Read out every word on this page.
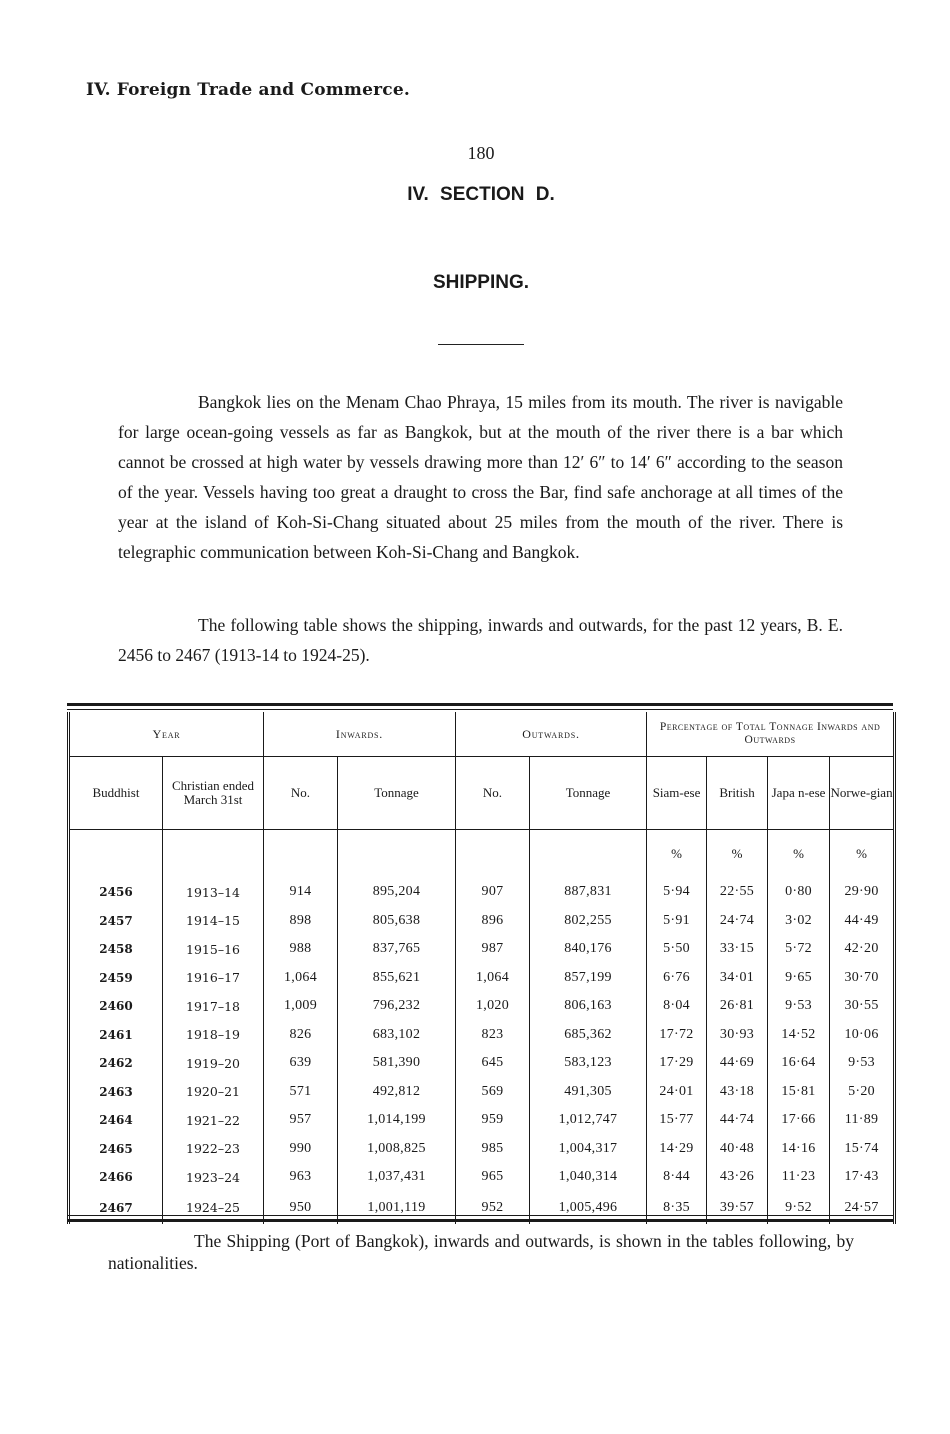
IV. Foreign Trade and Commerce.
180
IV. SECTION D.
SHIPPING.

Bangkok lies on the Menam Chao Phraya, 15 miles from its mouth. The river is navigable for large ocean-going vessels as far as Bangkok, but at the mouth of the river there is a bar which cannot be crossed at high water by vessels drawing more than 12′ 6″ to 14′ 6″ according to the season of the year. Vessels having too great a draught to cross the Bar, find safe anchorage at all times of the year at the island of Koh-Si-Chang situated about 25 miles from the mouth of the river. There is telegraphic communication between Koh-Si-Chang and Bangkok.

The following table shows the shipping, inwards and outwards, for the past 12 years, B. E. 2456 to 2467 (1913-14 to 1924-25).

Year		Inwards.		Outwards.		Percentage of Total Tonnage Inwards and Outwards			
Buddhist	Christian ended March 31st	No.	Tonnage	No.	Tonnage	Siam-ese	British	Japa n-ese	Norwe-gian
						%	%	%	%
2456	1913–14	914	895,204	907	887,831	5·94	22·55	0·80	29·90
2457	1914–15	898	805,638	896	802,255	5·91	24·74	3·02	44·49
2458	1915–16	988	837,765	987	840,176	5·50	33·15	5·72	42·20
2459	1916–17	1,064	855,621	1,064	857,199	6·76	34·01	9·65	30·70
2460	1917–18	1,009	796,232	1,020	806,163	8·04	26·81	9·53	30·55
2461	1918–19	826	683,102	823	685,362	17·72	30·93	14·52	10·06
2462	1919–20	639	581,390	645	583,123	17·29	44·69	16·64	9·53
2463	1920–21	571	492,812	569	491,305	24·01	43·18	15·81	5·20
2464	1921–22	957	1,014,199	959	1,012,747	15·77	44·74	17·66	11·89
2465	1922–23	990	1,008,825	985	1,004,317	14·29	40·48	14·16	15·74
2466	1923–24	963	1,037,431	965	1,040,314	8·44	43·26	11·23	17·43
2467	1924–25	950	1,001,119	952	1,005,496	8·35	39·57	9·52	24·57

The Shipping (Port of Bangkok), inwards and outwards, is shown in the tables following, by nationalities.
